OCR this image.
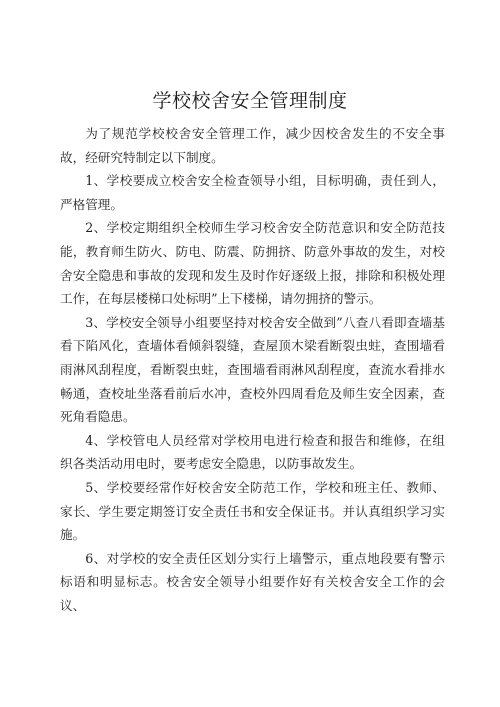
学校校舍安全管理制度

为了规范学校校舍安全管理工作，减少因校舍发生的不安全事故，经研究特制定以下制度。

1、学校要成立校舍安全检查领导小组，目标明确，责任到人，严格管理。

2、学校定期组织全校师生学习校舍安全防范意识和安全防范技能，教育师生防火、防电、防震、防拥挤、防意外事故的发生，对校舍安全隐患和事故的发现和发生及时作好逐级上报，排除和积极处理工作，在每层楼梯口处标明”上下楼梯，请勿拥挤的警示。

3、学校安全领导小组要坚持对校舍安全做到”八查八看即查墙基看下陷风化，查墙体看倾斜裂缝，查屋顶木梁看断裂虫蛀，查围墙看雨淋风刮程度，看断裂虫蛀，查围墙看雨淋风刮程度，查流水看排水畅通，查校址坐落看前后水冲，查校外四周看危及师生安全因素，查死角看隐患。

4、学校管电人员经常对学校用电进行检查和报告和维修，在组织各类活动用电时，要考虑安全隐患，以防事故发生。

5、学校要经常作好校舍安全防范工作，学校和班主任、教师、家长、学生要定期签订安全责任书和安全保证书。并认真组织学习实施。

6、对学校的安全责任区划分实行上墙警示，重点地段要有警示标语和明显标志。校舍安全领导小组要作好有关校舍安全工作的会议、
